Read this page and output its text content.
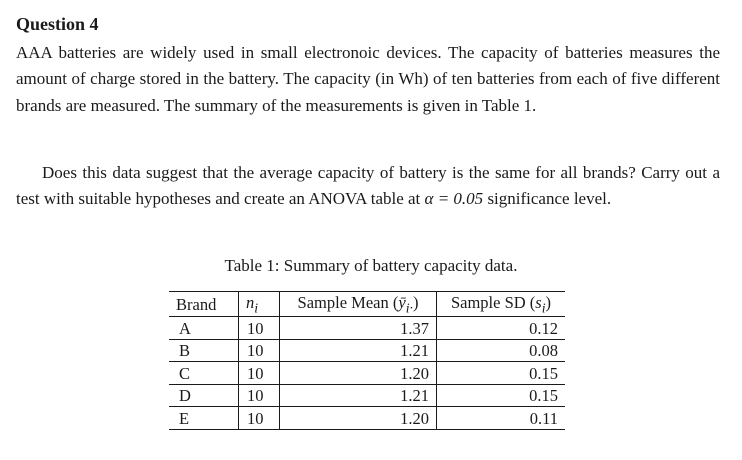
Question 4
AAA batteries are widely used in small electronoic devices. The capacity of batteries measures the amount of charge stored in the battery. The capacity (in Wh) of ten batteries from each of five different brands are measured. The summary of the measurements is given in Table 1.
Does this data suggest that the average capacity of battery is the same for all brands? Carry out a test with suitable hypotheses and create an ANOVA table at α = 0.05 significance level.
Table 1: Summary of battery capacity data.
Brand	$n_i$	Sample Mean $(ȳ_{i\cdot})$	Sample SD $(s_i)$
A	10	1.37	0.12
B	10	1.21	0.08
C	10	1.20	0.15
D	10	1.21	0.15
E	10	1.20	0.11
